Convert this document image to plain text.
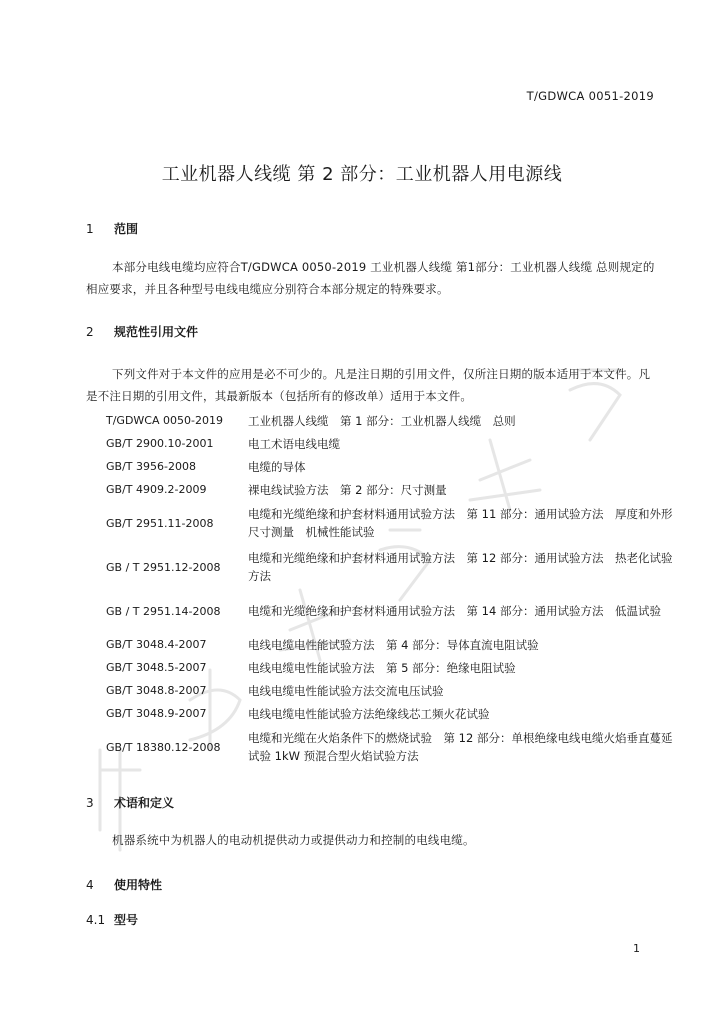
T/GDWCA 0051-2019
工业机器人线缆 第 2 部分：工业机器人用电源线
1 范围

本部分电线电缆均应符合T/GDWCA 0050-2019 工业机器人线缆 第1部分：工业机器人线缆 总则规定的相应要求，并且各种型号电线电缆应分别符合本部分规定的特殊要求。

2 规范性引用文件

下列文件对于本文件的应用是必不可少的。凡是注日期的引用文件，仅所注日期的版本适用于本文件。凡是不注日期的引用文件，其最新版本（包括所有的修改单）适用于本文件。

T/GDWCA 0050-2019	工业机器人线缆　第 1 部分：工业机器人线缆　总则
GB/T 2900.10-2001	电工术语电线电缆
GB/T 3956-2008	电缆的导体
GB/T 4909.2-2009	裸电线试验方法　第 2 部分：尺寸测量
GB/T 2951.11-2008	电缆和光缆绝缘和护套材料通用试验方法　第 11 部分：通用试验方法　厚度和外形尺寸测量　机械性能试验
GB / T 2951.12-2008	电缆和光缆绝缘和护套材料通用试验方法　第 12 部分：通用试验方法　热老化试验方法
GB / T 2951.14-2008	电缆和光缆绝缘和护套材料通用试验方法　第 14 部分：通用试验方法　低温试验
GB/T 3048.4-2007	电线电缆电性能试验方法　第 4 部分：导体直流电阻试验
GB/T 3048.5-2007	电线电缆电性能试验方法　第 5 部分：绝缘电阻试验
GB/T 3048.8-2007	电线电缆电性能试验方法交流电压试验
GB/T 3048.9-2007	电线电缆电性能试验方法绝缘线芯工频火花试验
GB/T 18380.12-2008	电缆和光缆在火焰条件下的燃烧试验　第 12 部分：单根绝缘电线电缆火焰垂直蔓延试验 1kW 预混合型火焰试验方法
3 术语和定义

机器系统中为机器人的电动机提供动力或提供动力和控制的电线电缆。

4 使用特性
4.1 型号
1
